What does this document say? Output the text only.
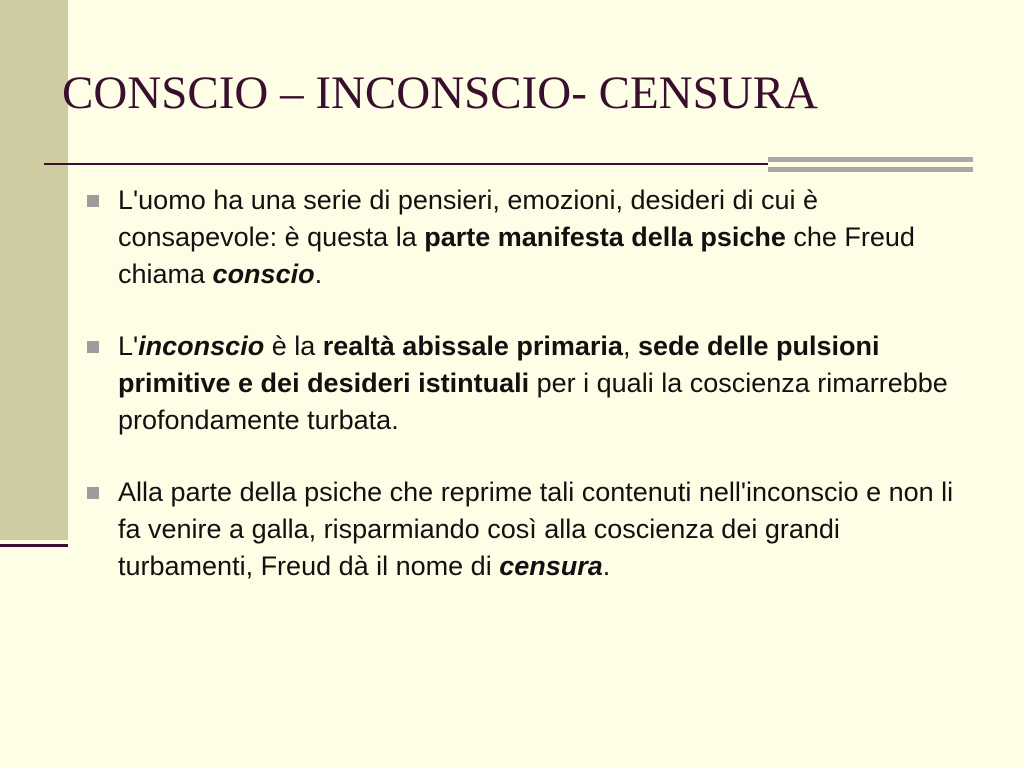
CONSCIO – INCONSCIO- CENSURA
L'uomo ha una serie di pensieri, emozioni, desideri di cui è consapevole: è questa la parte manifesta della psiche che Freud chiama conscio.
L'inconscio è la realtà abissale primaria, sede delle pulsioni primitive e dei desideri istintuali per i quali la coscienza rimarrebbe profondamente turbata.
Alla parte della psiche che reprime tali contenuti nell'inconscio e non li fa venire a galla, risparmiando così alla coscienza dei grandi turbamenti, Freud dà il nome di censura.
